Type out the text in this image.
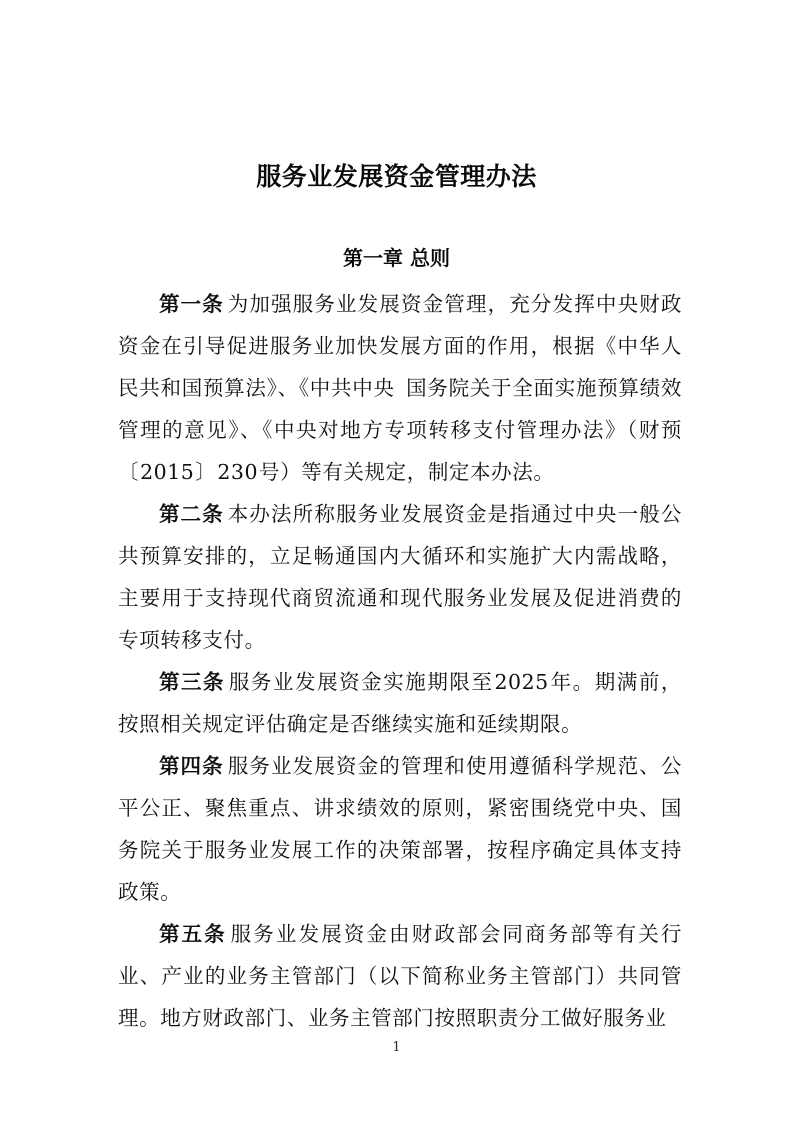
服务业发展资金管理办法
第一章 总则

第一条 为加强服务业发展资金管理，充分发挥中央财政资金在引导促进服务业加快发展方面的作用，根据《中华人民共和国预算法》、《中共中央 国务院关于全面实施预算绩效管理的意见》、《中央对地方专项转移支付管理办法》（财预〔2015〕230号）等有关规定，制定本办法。

第二条 本办法所称服务业发展资金是指通过中央一般公共预算安排的，立足畅通国内大循环和实施扩大内需战略，主要用于支持现代商贸流通和现代服务业发展及促进消费的专项转移支付。

第三条 服务业发展资金实施期限至2025年。期满前，按照相关规定评估确定是否继续实施和延续期限。

第四条 服务业发展资金的管理和使用遵循科学规范、公平公正、聚焦重点、讲求绩效的原则，紧密围绕党中央、国务院关于服务业发展工作的决策部署，按程序确定具体支持政策。

第五条 服务业发展资金由财政部会同商务部等有关行业、产业的业务主管部门（以下简称业务主管部门）共同管理。地方财政部门、业务主管部门按照职责分工做好服务业

1
